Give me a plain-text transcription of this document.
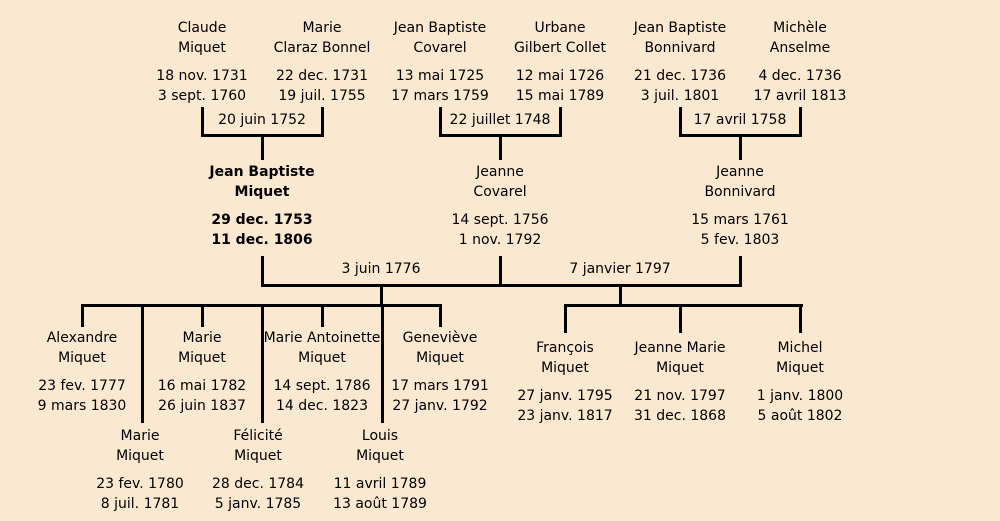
20 juin 1752	22 juillet 1748	17 avril 1758
3 juin 1776	7 janvier 1797
Claude
Miquet
18 nov. 1731
3 sept. 1760
Marie
Claraz Bonnel
22 dec. 1731
19 juil. 1755
Jean Baptiste
Covarel
13 mai 1725
17 mars 1759
Urbane
Gilbert Collet
12 mai 1726
15 mai 1789
Jean Baptiste
Bonnivard
21 dec. 1736
3 juil. 1801
Michèle
Anselme
4 dec. 1736
17 avril 1813
Jean Baptiste
Miquet
29 dec. 1753
11 dec. 1806
Jeanne
Covarel
14 sept. 1756
1 nov. 1792
Jeanne
Bonnivard
15 mars 1761
5 fev. 1803
Alexandre
Miquet
23 fev. 1777
9 mars 1830
Marie
Miquet
16 mai 1782
26 juin 1837
Marie Antoinette
Miquet
14 sept. 1786
14 dec. 1823
Geneviève
Miquet
17 mars 1791
27 janv. 1792
François
Miquet
27 janv. 1795
23 janv. 1817
Jeanne Marie
Miquet
21 nov. 1797
31 dec. 1868
Michel
Miquet
1 janv. 1800
5 août 1802
Marie
Miquet
23 fev. 1780
8 juil. 1781
Félicité
Miquet
28 dec. 1784
5 janv. 1785
Louis
Miquet
11 avril 1789
13 août 1789
